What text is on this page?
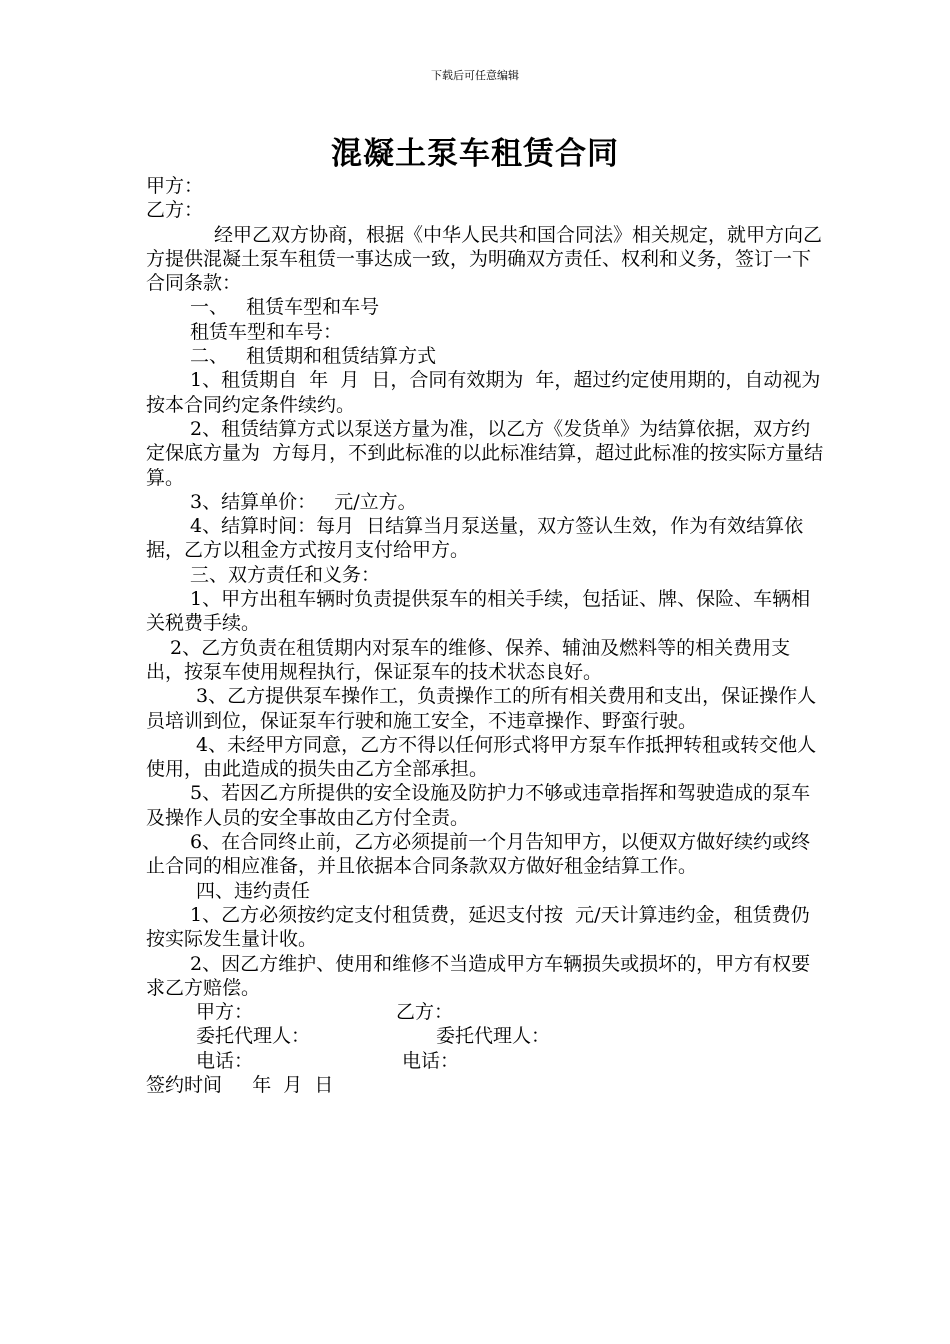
下载后可任意编辑
混凝土泵车租赁合同

甲方：

乙方：

经甲乙双方协商，根据《中华人民共和国合同法》相关规定，就甲方向乙方提供混凝土泵车租赁一事达成一致，为明确双方责任、权利和义务，签订一下合同条款：

一、   租赁车型和车号

租赁车型和车号：

二、   租赁期和租赁结算方式

1、租赁期自  年  月  日，合同有效期为  年，超过约定使用期的，自动视为按本合同约定条件续约。

2、租赁结算方式以泵送方量为准，以乙方《发货单》为结算依据，双方约定保底方量为  方每月，不到此标准的以此标准结算，超过此标准的按实际方量结算。

3、结算单价：   元/立方。

4、结算时间：每月  日结算当月泵送量，双方签认生效，作为有效结算依据，乙方以租金方式按月支付给甲方。

三、双方责任和义务：

1、甲方出租车辆时负责提供泵车的相关手续，包括证、牌、保险、车辆相关税费手续。

2、乙方负责在租赁期内对泵车的维修、保养、辅油及燃料等的相关费用支出，按泵车使用规程执行，保证泵车的技术状态良好。

3、乙方提供泵车操作工，负责操作工的所有相关费用和支出，保证操作人员培训到位，保证泵车行驶和施工安全，不违章操作、野蛮行驶。

4、未经甲方同意，乙方不得以任何形式将甲方泵车作抵押转租或转交他人使用，由此造成的损失由乙方全部承担。

5、若因乙方所提供的安全设施及防护力不够或违章指挥和驾驶造成的泵车及操作人员的安全事故由乙方付全责。

6、在合同终止前，乙方必须提前一个月告知甲方，以便双方做好续约或终止合同的相应准备，并且依据本合同条款双方做好租金结算工作。

四、违约责任

1、乙方必须按约定支付租赁费，延迟支付按  元/天计算违约金，租赁费仍按实际发生量计收。

2、因乙方维护、使用和维修不当造成甲方车辆损失或损坏的，甲方有权要求乙方赔偿。

甲方：	乙方：
委托代理人：	委托代理人：
电话：	电话：

签约时间     年  月  日
